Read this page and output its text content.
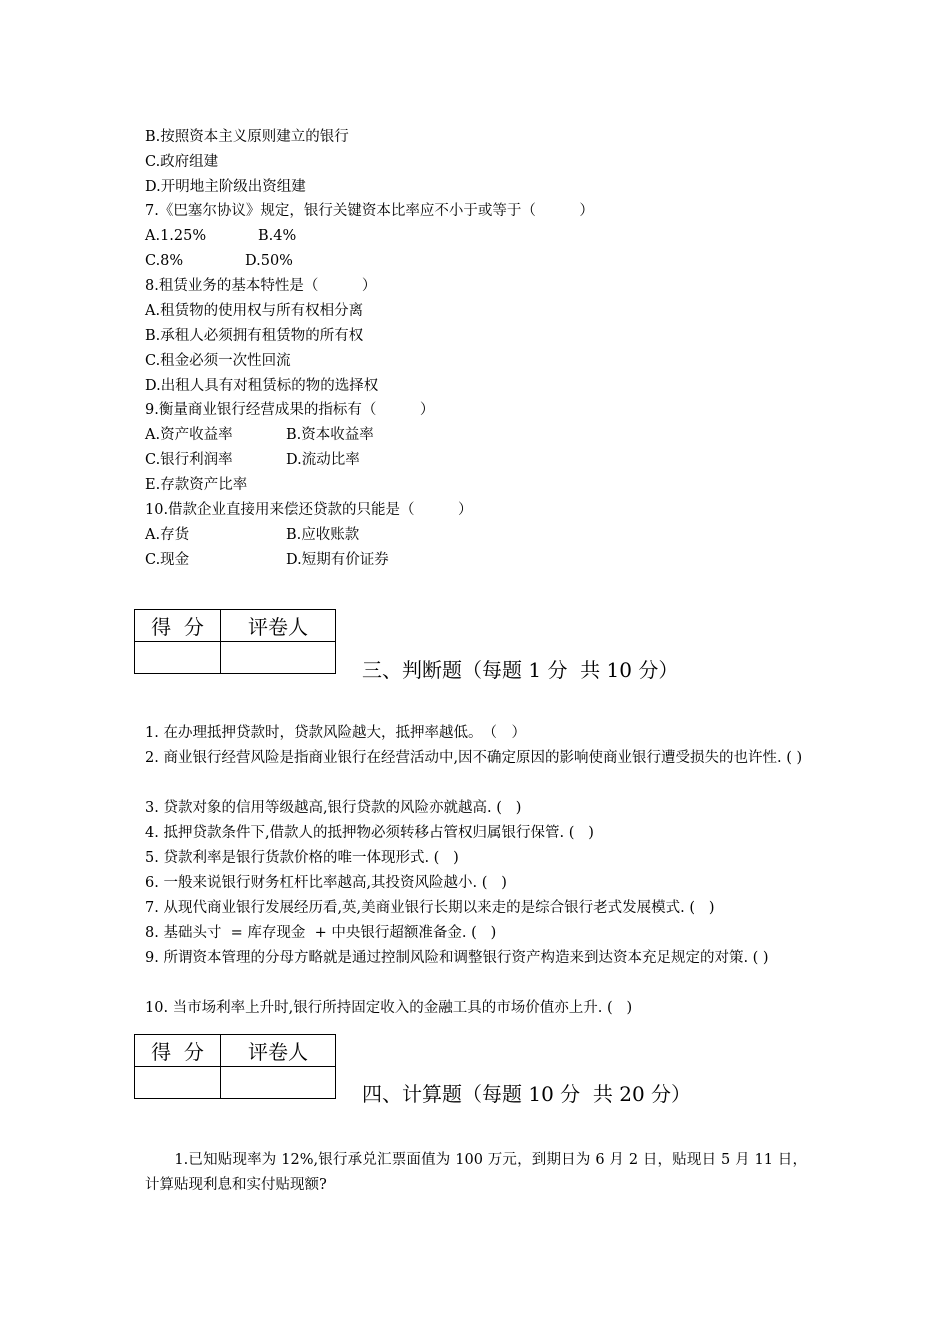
B.按照资本主义原则建立的银行
C.政府组建
D.开明地主阶级出资组建
7.《巴塞尔协议》规定，银行关键资本比率应不小于或等于（　　　）
A.1.25%	B.4%
C.8%	D.50%
8.租赁业务的基本特性是（　　　）
A.租赁物的使用权与所有权相分离
B.承租人必须拥有租赁物的所有权
C.租金必须一次性回流
D.出租人具有对租赁标的物的选择权
9.衡量商业银行经营成果的指标有（　　　）
A.资产收益率	B.资本收益率
C.银行利润率	D.流动比率
E.存款资产比率
10.借款企业直接用来偿还贷款的只能是（　　　）
A.存货	B.应收账款
C.现金	D.短期有价证券
得  分	评卷人

三、判断题（每题 1 分  共 10 分）
1. 在办理抵押贷款时，贷款风险越大，抵押率越低。　（　）
2. 商业银行经营风险是指商业银行在经营活动中,因不确定原因的影响使商业银行遭受损失的也许性. ( )
3. 贷款对象的信用等级越高,银行贷款的风险亦就越高. (   )
4. 抵押贷款条件下,借款人的抵押物必须转移占管权归属银行保管. (   )
5. 贷款利率是银行货款价格的唯一体现形式. (   )
6. 一般来说银行财务杠杆比率越高,其投资风险越小. (   )
7. 从现代商业银行发展经历看,英,美商业银行长期以来走的是综合银行老式发展模式. (   )
8. 基础头寸  = 库存现金  + 中央银行超额准备金. (   )
9. 所谓资本管理的分母方略就是通过控制风险和调整银行资产构造来到达资本充足规定的对策. ( )
10. 当市场利率上升时,银行所持固定收入的金融工具的市场价值亦上升. (   )
得  分	评卷人

四、计算题（每题 10 分  共 20 分）
　　1.已知贴现率为 12%,银行承兑汇票面值为 100 万元，到期日为 6 月 2 日，贴现日 5 月 11 日，计算贴现利息和实付贴现额?
